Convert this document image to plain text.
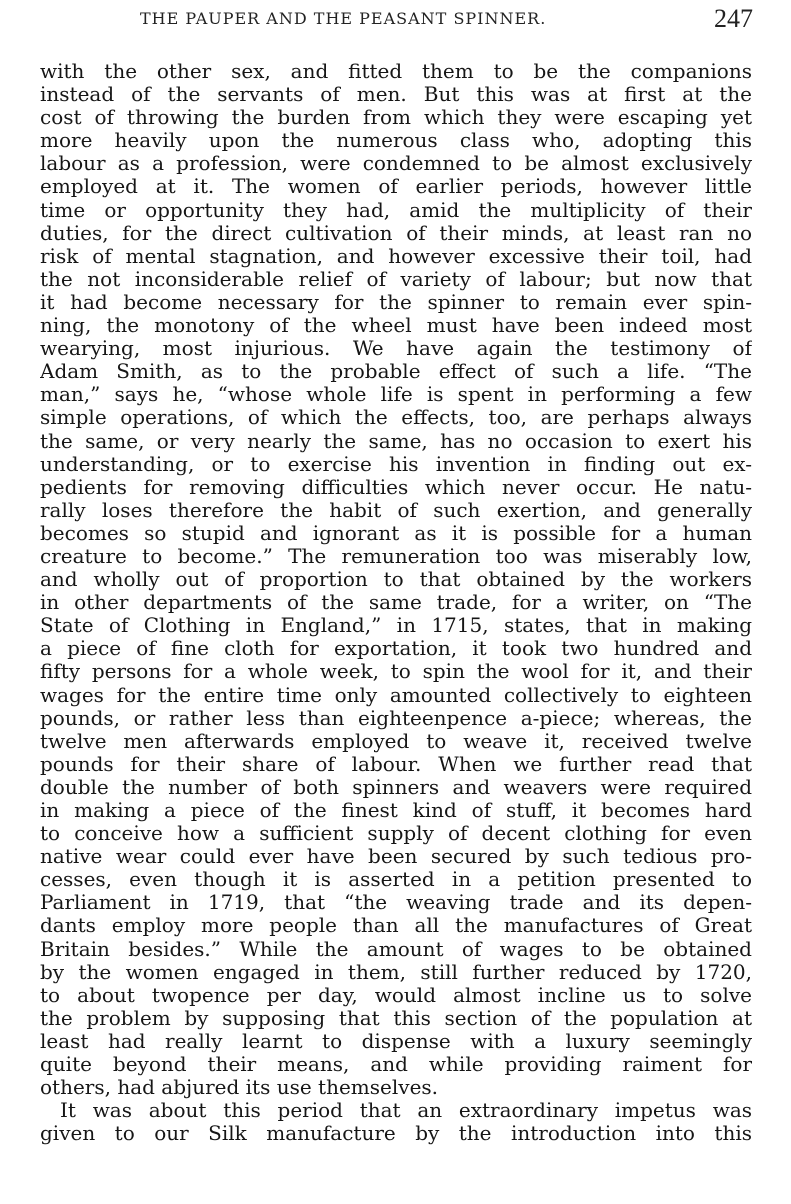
THE PAUPER AND THE PEASANT SPINNER.	247
with the other sex, and fitted them to be the companions
instead of the servants of men. But this was at first at the
cost of throwing the burden from which they were escaping yet
more heavily upon the numerous class who, adopting this
labour as a profession, were condemned to be almost exclusively
employed at it. The women of earlier periods, however little
time or opportunity they had, amid the multiplicity of their
duties, for the direct cultivation of their minds, at least ran no
risk of mental stagnation, and however excessive their toil, had
the not inconsiderable relief of variety of labour; but now that
it had become necessary for the spinner to remain ever spin-
ning, the monotony of the wheel must have been indeed most
wearying, most injurious. We have again the testimony of
Adam Smith, as to the probable effect of such a life. “The
man,” says he, “whose whole life is spent in performing a few
simple operations, of which the effects, too, are perhaps always
the same, or very nearly the same, has no occasion to exert his
understanding, or to exercise his invention in finding out ex-
pedients for removing difficulties which never occur. He natu-
rally loses therefore the habit of such exertion, and generally
becomes so stupid and ignorant as it is possible for a human
creature to become.” The remuneration too was miserably low,
and wholly out of proportion to that obtained by the workers
in other departments of the same trade, for a writer, on “The
State of Clothing in England,” in 1715, states, that in making
a piece of fine cloth for exportation, it took two hundred and
fifty persons for a whole week, to spin the wool for it, and their
wages for the entire time only amounted collectively to eighteen
pounds, or rather less than eighteenpence a-piece; whereas, the
twelve men afterwards employed to weave it, received twelve
pounds for their share of labour. When we further read that
double the number of both spinners and weavers were required
in making a piece of the finest kind of stuff, it becomes hard
to conceive how a sufficient supply of decent clothing for even
native wear could ever have been secured by such tedious pro-
cesses, even though it is asserted in a petition presented to
Parliament in 1719, that “the weaving trade and its depen-
dants employ more people than all the manufactures of Great
Britain besides.” While the amount of wages to be obtained
by the women engaged in them, still further reduced by 1720,
to about twopence per day, would almost incline us to solve
the problem by supposing that this section of the population at
least had really learnt to dispense with a luxury seemingly
quite beyond their means, and while providing raiment for
others, had abjured its use themselves.
It was about this period that an extraordinary impetus was
given to our Silk manufacture by the introduction into this
